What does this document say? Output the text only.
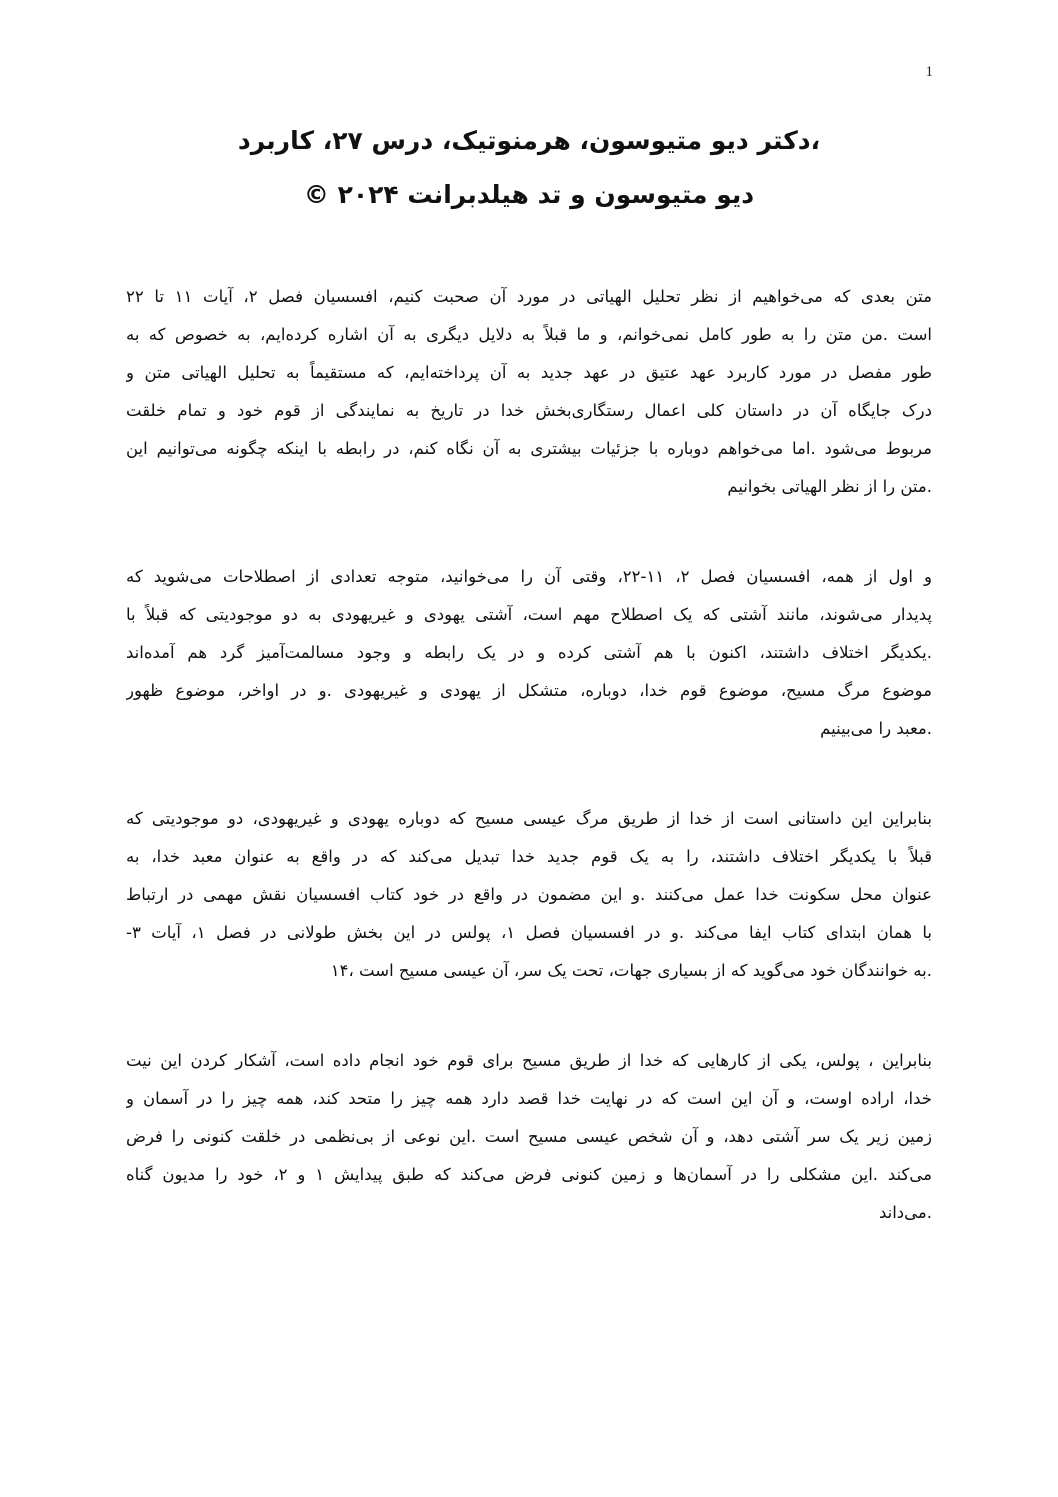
1

،دکتر دیو متیوسون، هرمنوتیک، درس ۲۷، کاربرد

دیو متیوسون و تد هیلدبرانت ۲۰۲۴ ©

متن بعدی که می‌خواهیم از نظر تحلیل الهیاتی در مورد آن صحبت کنیم، افسسیان فصل ۲، آیات ۱۱ تا ۲۲
است .من متن را به طور کامل نمی‌خوانم، و ما قبلاً به دلایل دیگری به آن اشاره کرده‌ایم، به خصوص که به
طور مفصل در مورد کاربرد عهد عتیق در عهد جدید به آن پرداخته‌ایم، که مستقیماً به تحلیل الهیاتی متن و
درک جایگاه آن در داستان کلی اعمال رستگاری‌بخش خدا در تاریخ به نمایندگی از قوم خود و تمام خلقت
مربوط می‌شود .اما می‌خواهم دوباره با جزئیات بیشتری به آن نگاه کنم، در رابطه با اینکه چگونه می‌توانیم این
.متن را از نظر الهیاتی بخوانیم
و اول از همه، افسسیان فصل ۲، ۱۱-۲۲، وقتی آن را می‌خوانید، متوجه تعدادی از اصطلاحات می‌شوید که
پدیدار می‌شوند، مانند آشتی که یک اصطلاح مهم است، آشتی یهودی و غیریهودی به دو موجودیتی که قبلاً با
.یکدیگر اختلاف داشتند، اکنون با هم آشتی کرده و در یک رابطه و وجود مسالمت‌آمیز گرد هم آمده‌اند
موضوع مرگ مسیح، موضوع قوم خدا، دوباره، متشکل از یهودی و غیریهودی .و در اواخر، موضوع ظهور
.معبد را می‌بینیم
بنابراین این داستانی است از خدا از طریق مرگ عیسی مسیح که دوباره یهودی و غیریهودی، دو موجودیتی که
قبلاً با یکدیگر اختلاف داشتند، را به یک قوم جدید خدا تبدیل می‌کند که در واقع به عنوان معبد خدا، به
عنوان محل سکونت خدا عمل می‌کنند .و این مضمون در واقع در خود کتاب افسسیان نقش مهمی در ارتباط
با همان ابتدای کتاب ایفا می‌کند .و در افسسیان فصل ۱، پولس در این بخش طولانی در فصل ۱، آیات ۳-
.به خوانندگان خود می‌گوید که از بسیاری جهات، تحت یک سر، آن عیسی مسیح است ،۱۴
بنابراین ، پولس، یکی از کارهایی که خدا از طریق مسیح برای قوم خود انجام داده است، آشکار کردن این نیت
خدا، اراده اوست، و آن این است که در نهایت خدا قصد دارد همه چیز را متحد کند، همه چیز را در آسمان و
زمین زیر یک سر آشتی دهد، و آن شخص عیسی مسیح است .این نوعی از بی‌نظمی در خلقت کنونی را فرض
می‌کند .این مشکلی را در آسمان‌ها و زمین کنونی فرض می‌کند که طبق پیدایش ۱ و ۲، خود را مدیون گناه
.می‌داند
